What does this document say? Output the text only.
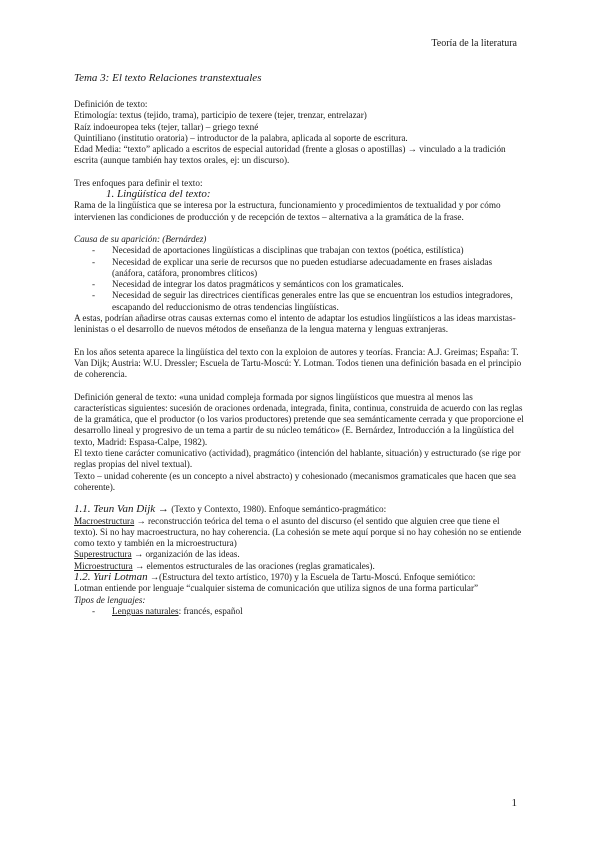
Teoría de la literatura

Tema 3: El texto Relaciones transtextuales

Definición de texto:

Etimología: textus (tejido, trama), participio de texere (tejer, trenzar, entrelazar)

Raíz indoeuropea teks (tejer, tallar) – griego texné

Quintiliano (institutio oratoria) – introductor de la palabra, aplicada al soporte de escritura.

Edad Media: “texto” aplicado a escritos de especial autoridad (frente a glosas o apostillas) → vinculado a la tradición escrita (aunque también hay textos orales, ej: un discurso).

Tres enfoques para definir el texto:

1. Lingüística del texto:

Rama de la lingüística que se interesa por la estructura, funcionamiento y procedimientos de textualidad y por cómo intervienen las condiciones de producción y de recepción de textos – alternativa a la gramática de la frase.

Causa de su aparición: (Bernárdez)

- Necesidad de aportaciones lingüísticas a disciplinas que trabajan con textos (poética, estilística)
- Necesidad de explicar una serie de recursos que no pueden estudiarse adecuadamente en frases aisladas (anáfora, catáfora, pronombres clíticos)
- Necesidad de integrar los datos pragmáticos y semánticos con los gramaticales.
- Necesidad de seguir las directrices científicas generales entre las que se encuentran los estudios integradores, escapando del reduccionismo de otras tendencias lingüísticas.

A estas, podrían añadirse otras causas externas como el intento de adaptar los estudios lingüísticos a las ideas marxistas-leninistas o el desarrollo de nuevos métodos de enseñanza de la lengua materna y lenguas extranjeras.

En los años setenta aparece la lingüística del texto con la exploion de autores y teorías. Francia: A.J. Greimas; España: T. Van Dijk; Austria: W.U. Dressler; Escuela de Tartu-Moscú: Y. Lotman. Todos tienen una definición basada en el principio de coherencia.

Definición general de texto: «una unidad compleja formada por signos lingüísticos que muestra al menos las características siguientes: sucesión de oraciones ordenada, integrada, finita, continua, construida de acuerdo con las reglas de la gramática, que el productor (o los varios productores) pretende que sea semánticamente cerrada y que proporcione el desarrollo lineal y progresivo de un tema a partir de su núcleo temático» (E. Bernárdez, Introducción a la lingüística del texto, Madrid: Espasa-Calpe, 1982).

El texto tiene carácter comunicativo (actividad), pragmático (intención del hablante, situación) y estructurado (se rige por reglas propias del nivel textual).

Texto – unidad coherente (es un concepto a nivel abstracto) y cohesionado (mecanismos gramaticales que hacen que sea coherente).

1.1. Teun Van Dijk → (Texto y Contexto, 1980). Enfoque semántico-pragmático:

Macroestructura → reconstrucción teórica del tema o el asunto del discurso (el sentido que alguien cree que tiene el texto). Si no hay macroestructura, no hay coherencia. (La cohesión se mete aquí porque si no hay cohesión no se entiende como texto y también en la microestructura)

Superestructura → organización de las ideas.

Microestructura → elementos estructurales de las oraciones (reglas gramaticales).

1.2. Yuri Lotman →(Estructura del texto artístico, 1970) y la Escuela de Tartu-Moscú. Enfoque semiótico:

Lotman entiende por lenguaje “cualquier sistema de comunicación que utiliza signos de una forma particular”

Tipos de lenguajes:

- Lenguas naturales: francés, español
1
